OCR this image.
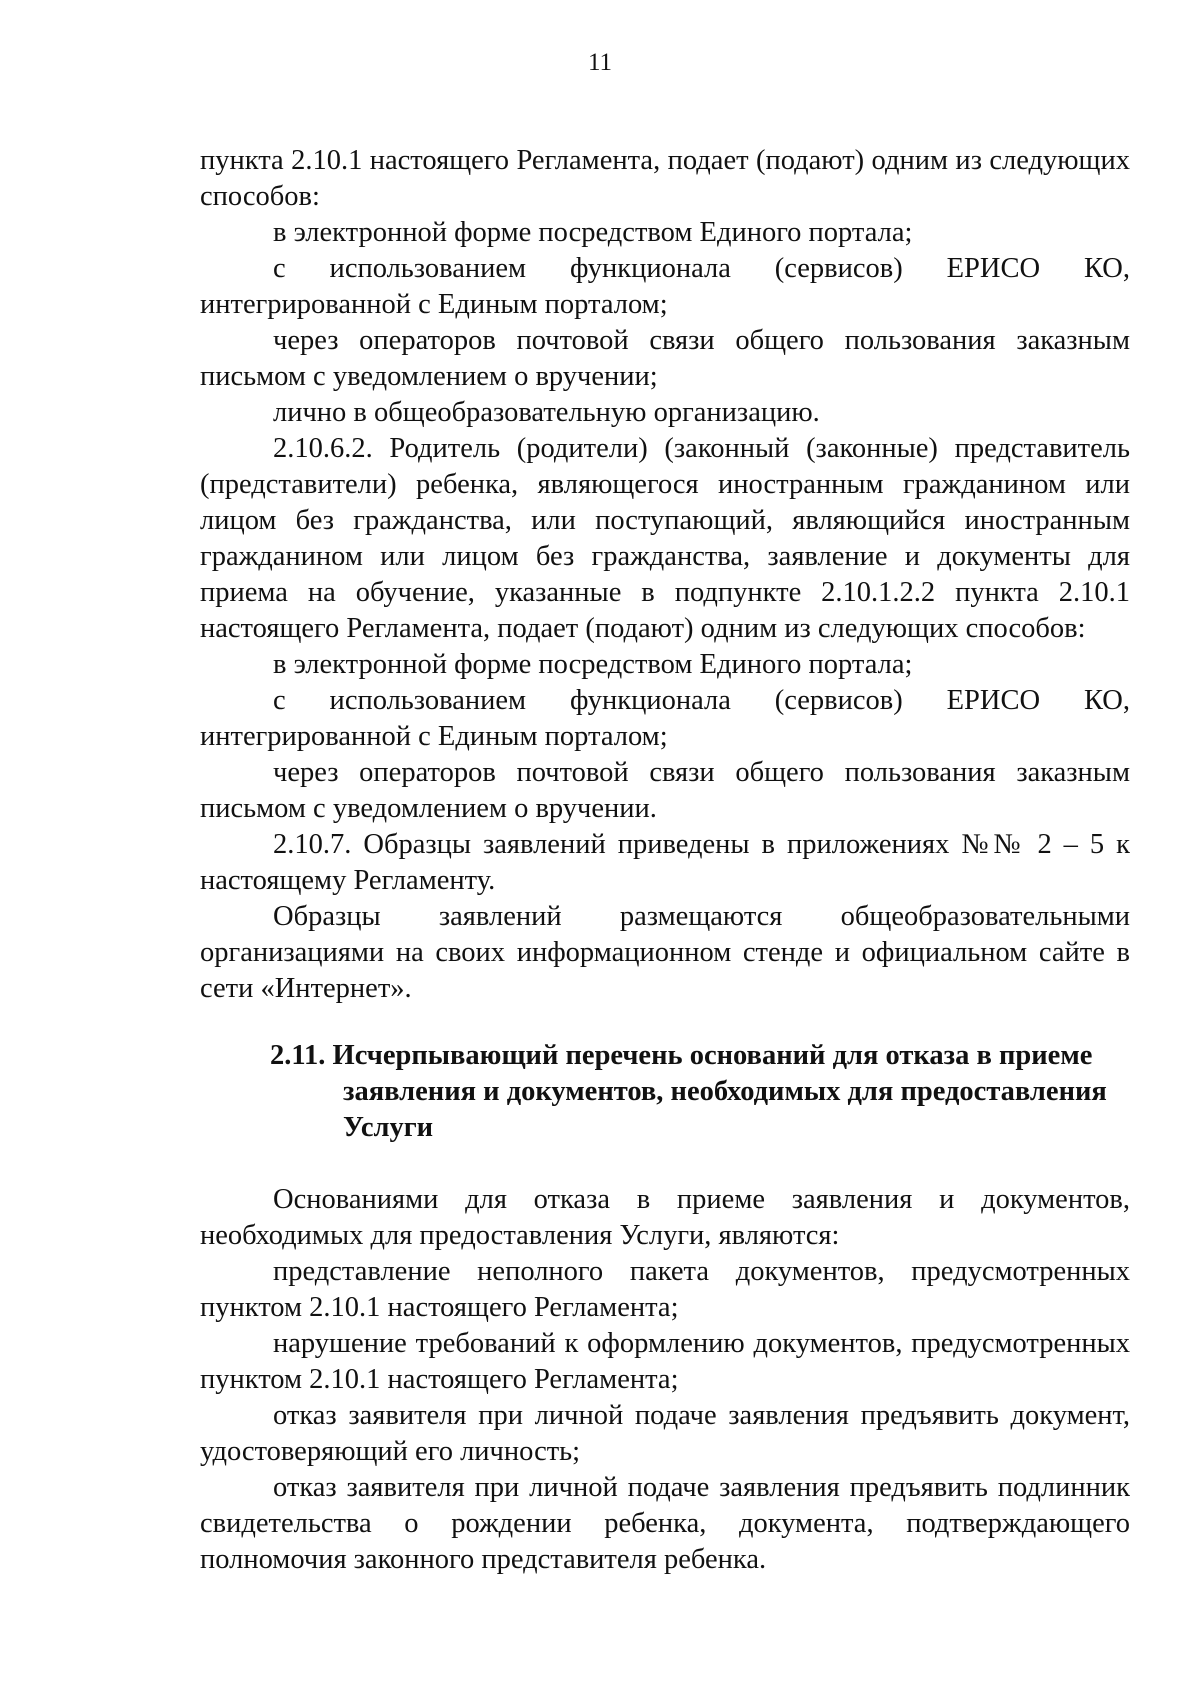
11

пункта 2.10.1 настоящего Регламента, подает (подают) одним из следующих способов:

в электронной форме посредством Единого портала;

с использованием функционала (сервисов) ЕРИСО КО, интегрированной с Единым порталом;

через операторов почтовой связи общего пользования заказным письмом с уведомлением о вручении;

лично в общеобразовательную организацию.

2.10.6.2. Родитель (родители) (законный (законные) представитель (представители) ребенка, являющегося иностранным гражданином или лицом без гражданства, или поступающий, являющийся иностранным гражданином или лицом без гражданства, заявление и документы для приема на обучение, указанные в подпункте 2.10.1.2.2 пункта 2.10.1 настоящего Регламента, подает (подают) одним из следующих способов:

в электронной форме посредством Единого портала;

с использованием функционала (сервисов) ЕРИСО КО, интегрированной с Единым порталом;

через операторов почтовой связи общего пользования заказным письмом с уведомлением о вручении.

2.10.7. Образцы заявлений приведены в приложениях №№ 2 – 5 к настоящему Регламенту.

Образцы заявлений размещаются общеобразовательными организациями на своих информационном стенде и официальном сайте в сети «Интернет».

2.11. Исчерпывающий перечень оснований для отказа в приеме заявления и документов, необходимых для предоставления Услуги

Основаниями для отказа в приеме заявления и документов, необходимых для предоставления Услуги, являются:

представление неполного пакета документов, предусмотренных пунктом 2.10.1 настоящего Регламента;

нарушение требований к оформлению документов, предусмотренных пунктом 2.10.1 настоящего Регламента;

отказ заявителя при личной подаче заявления предъявить документ, удостоверяющий его личность;

отказ заявителя при личной подаче заявления предъявить подлинник свидетельства о рождении ребенка, документа, подтверждающего полномочия законного представителя ребенка.
